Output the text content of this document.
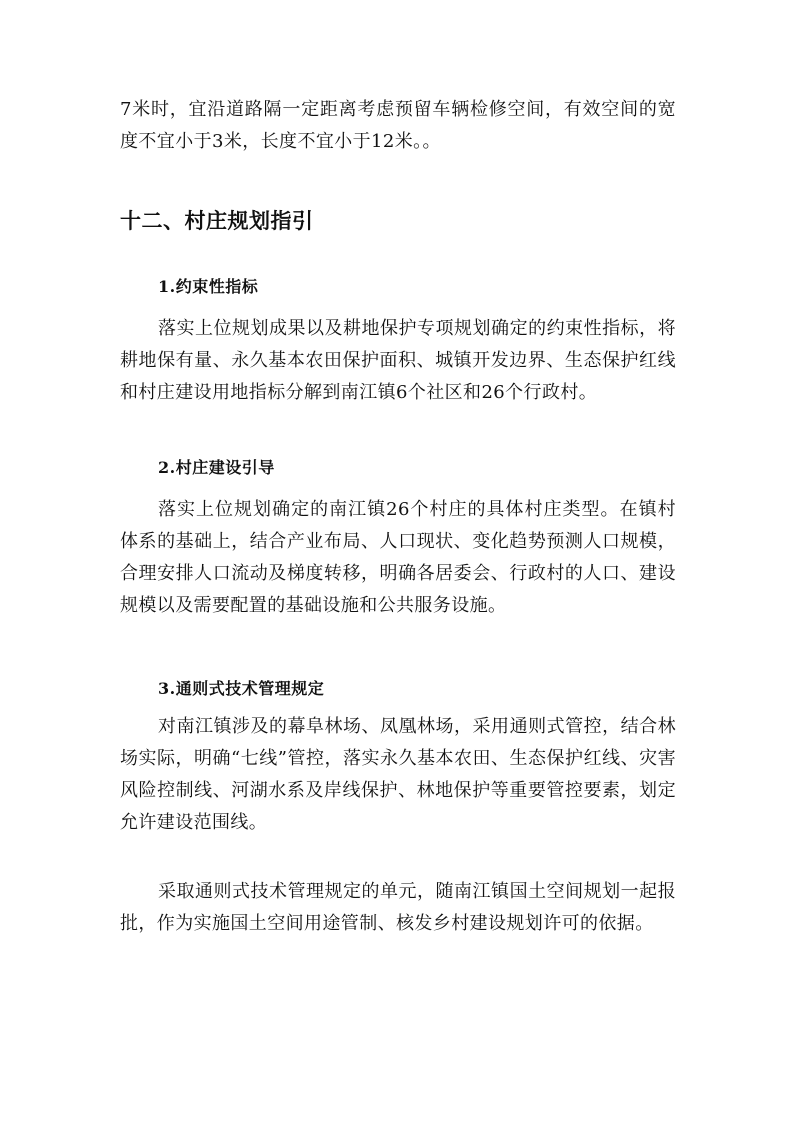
7米时，宜沿道路隔一定距离考虑预留车辆检修空间，有效空间的宽度不宜小于3米，长度不宜小于12米。。

十二、村庄规划指引
1.约束性指标

落实上位规划成果以及耕地保护专项规划确定的约束性指标，将耕地保有量、永久基本农田保护面积、城镇开发边界、生态保护红线和村庄建设用地指标分解到南江镇6个社区和26个行政村。

2.村庄建设引导

落实上位规划确定的南江镇26个村庄的具体村庄类型。在镇村体系的基础上，结合产业布局、人口现状、变化趋势预测人口规模，合理安排人口流动及梯度转移，明确各居委会、行政村的人口、建设规模以及需要配置的基础设施和公共服务设施。

3.通则式技术管理规定

对南江镇涉及的幕阜林场、凤凰林场，采用通则式管控，结合林场实际，明确“七线”管控，落实永久基本农田、生态保护红线、灾害风险控制线、河湖水系及岸线保护、林地保护等重要管控要素，划定允许建设范围线。

采取通则式技术管理规定的单元，随南江镇国土空间规划一起报批，作为实施国土空间用途管制、核发乡村建设规划许可的依据。
